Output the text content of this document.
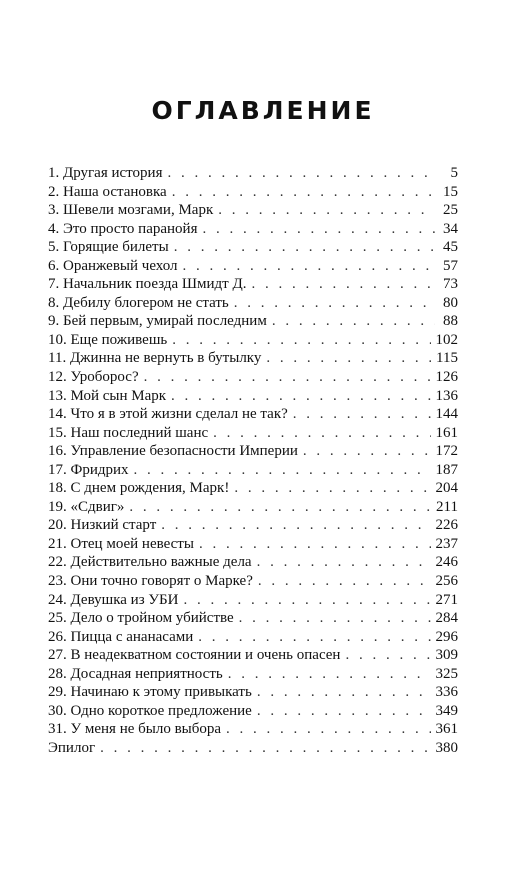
ОГЛАВЛЕНИЕ
1. Другая история . . .	5
2. Наша остановка . . .	15
3. Шевели мозгами, Марк . . .	25
4. Это просто паранойя . . .	34
5. Горящие билеты . . .	45
6. Оранжевый чехол . . .	57
7. Начальник поезда Шмидт Д. . . .	73
8. Дебилу блогером не стать . . .	80
9. Бей первым, умирай последним . . .	88
10. Еще поживешь . . .	102
11. Джинна не вернуть в бутылку . . .	115
12. Уроборос? . . .	126
13. Мой сын Марк . . .	136
14. Что я в этой жизни сделал не так? . . .	144
15. Наш последний шанс . . .	161
16. Управление безопасности Империи . . .	172
17. Фридрих . . .	187
18. С днем рождения, Марк! . . .	204
19. «Сдвиг» . . .	211
20. Низкий старт . . .	226
21. Отец моей невесты . . .	237
22. Действительно важные дела . . .	246
23. Они точно говорят о Марке? . . .	256
24. Девушка из УБИ . . .	271
25. Дело о тройном убийстве . . .	284
26. Пицца с ананасами . . .	296
27. В неадекватном состоянии и очень опасен . . .	309
28. Досадная неприятность . . .	325
29. Начинаю к этому привыкать . . .	336
30. Одно короткое предложение . . .	349
31. У меня не было выбора . . .	361
Эпилог . . .	380
